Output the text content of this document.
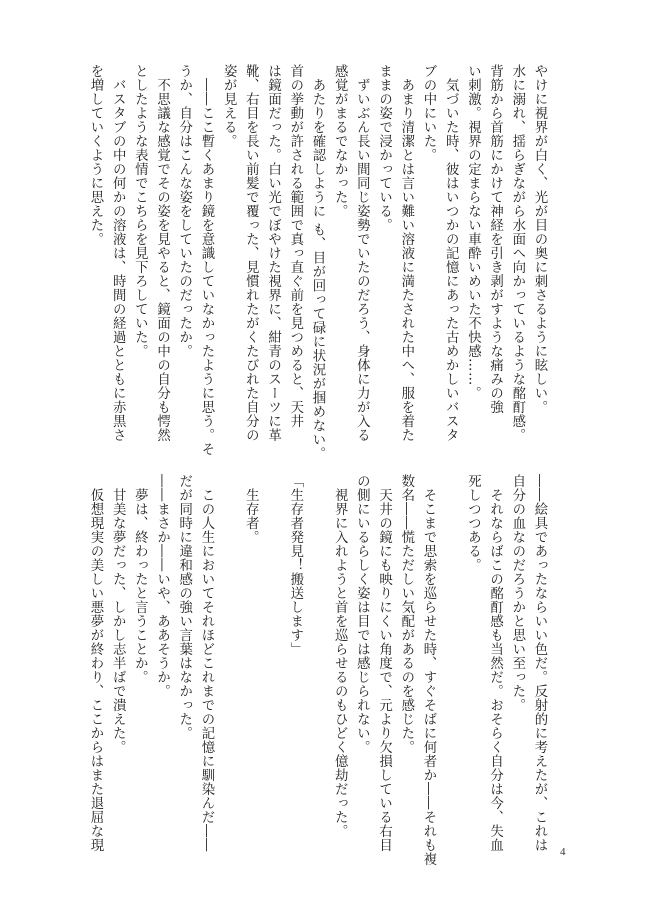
やけに視界が白く、光が目の奥に刺さるように眩しい。

水に溺れ、揺らぎながら水面へ向かっているような酩酊感。

背筋から首筋にかけて神経を引き剥がすような痛みの強

い刺激。視界の定まらない車酔いめいた不快感……。

　気づいた時、彼はいつかの記憶にあった古めかしいバスタ

ブの中にいた。

　あまり清潔とは言い難い溶液に満たされた中へ、服を着た

ままの姿で浸かっている。

　ずいぶん長い間同じ姿勢でいたのだろう、身体に力が入る

感覚がまるでなかった。

　あたりを確認しように も、目が回って碌に状況が掴めない。

首の挙動が許される範囲で真っ直ぐ前を見つめると、天井

は鏡面だった。白い光でぼやけた視界に、紺青のスーツに革

靴、右目を長い前髪で覆った、見慣れたがくたびれた自分の

姿が見える。

　――ここ暫くあまり鏡を意識していなかったように思う。そ

うか、自分はこんな姿をしていたのだったか。

　不思議な感覚でその姿を見やると、鏡面の中の自分も愕然

としたような表情でこちらを見下ろしていた。

　バスタブの中の何かの溶液は、時間の経過とともに赤黒さ

を増していくように思えた。

――絵具であったならいい色だ。反射的に考えたが、これは

自分の血なのだろうかと思い至った。

　それならばこの酩酊感も当然だ。おそらく自分は今、失血

死しつつある。

　そこまで思索を巡らせた時、すぐそばに何者か――それも複

数名――慌ただしい気配があるのを感じた。

　天井の鏡にも映りにくい角度で、元より欠損している右目

の側にいるらしく姿は目では感じられない。

　視界に入れようと首を巡らせるのもひどく億劫だった。

「生存者発見！搬送します」

　生存者。

　この人生においてそれほどこれまでの記憶に馴染んだ――

だが同時に違和感の強い言葉はなかった。

――まさか――いや、ああそうか。

　夢は、終わったと言うことか。

　甘美な夢だった、しかし志半ばで潰えた。

　仮想現実の美しい悪夢が終わり、ここからはまた退屈な現	4
